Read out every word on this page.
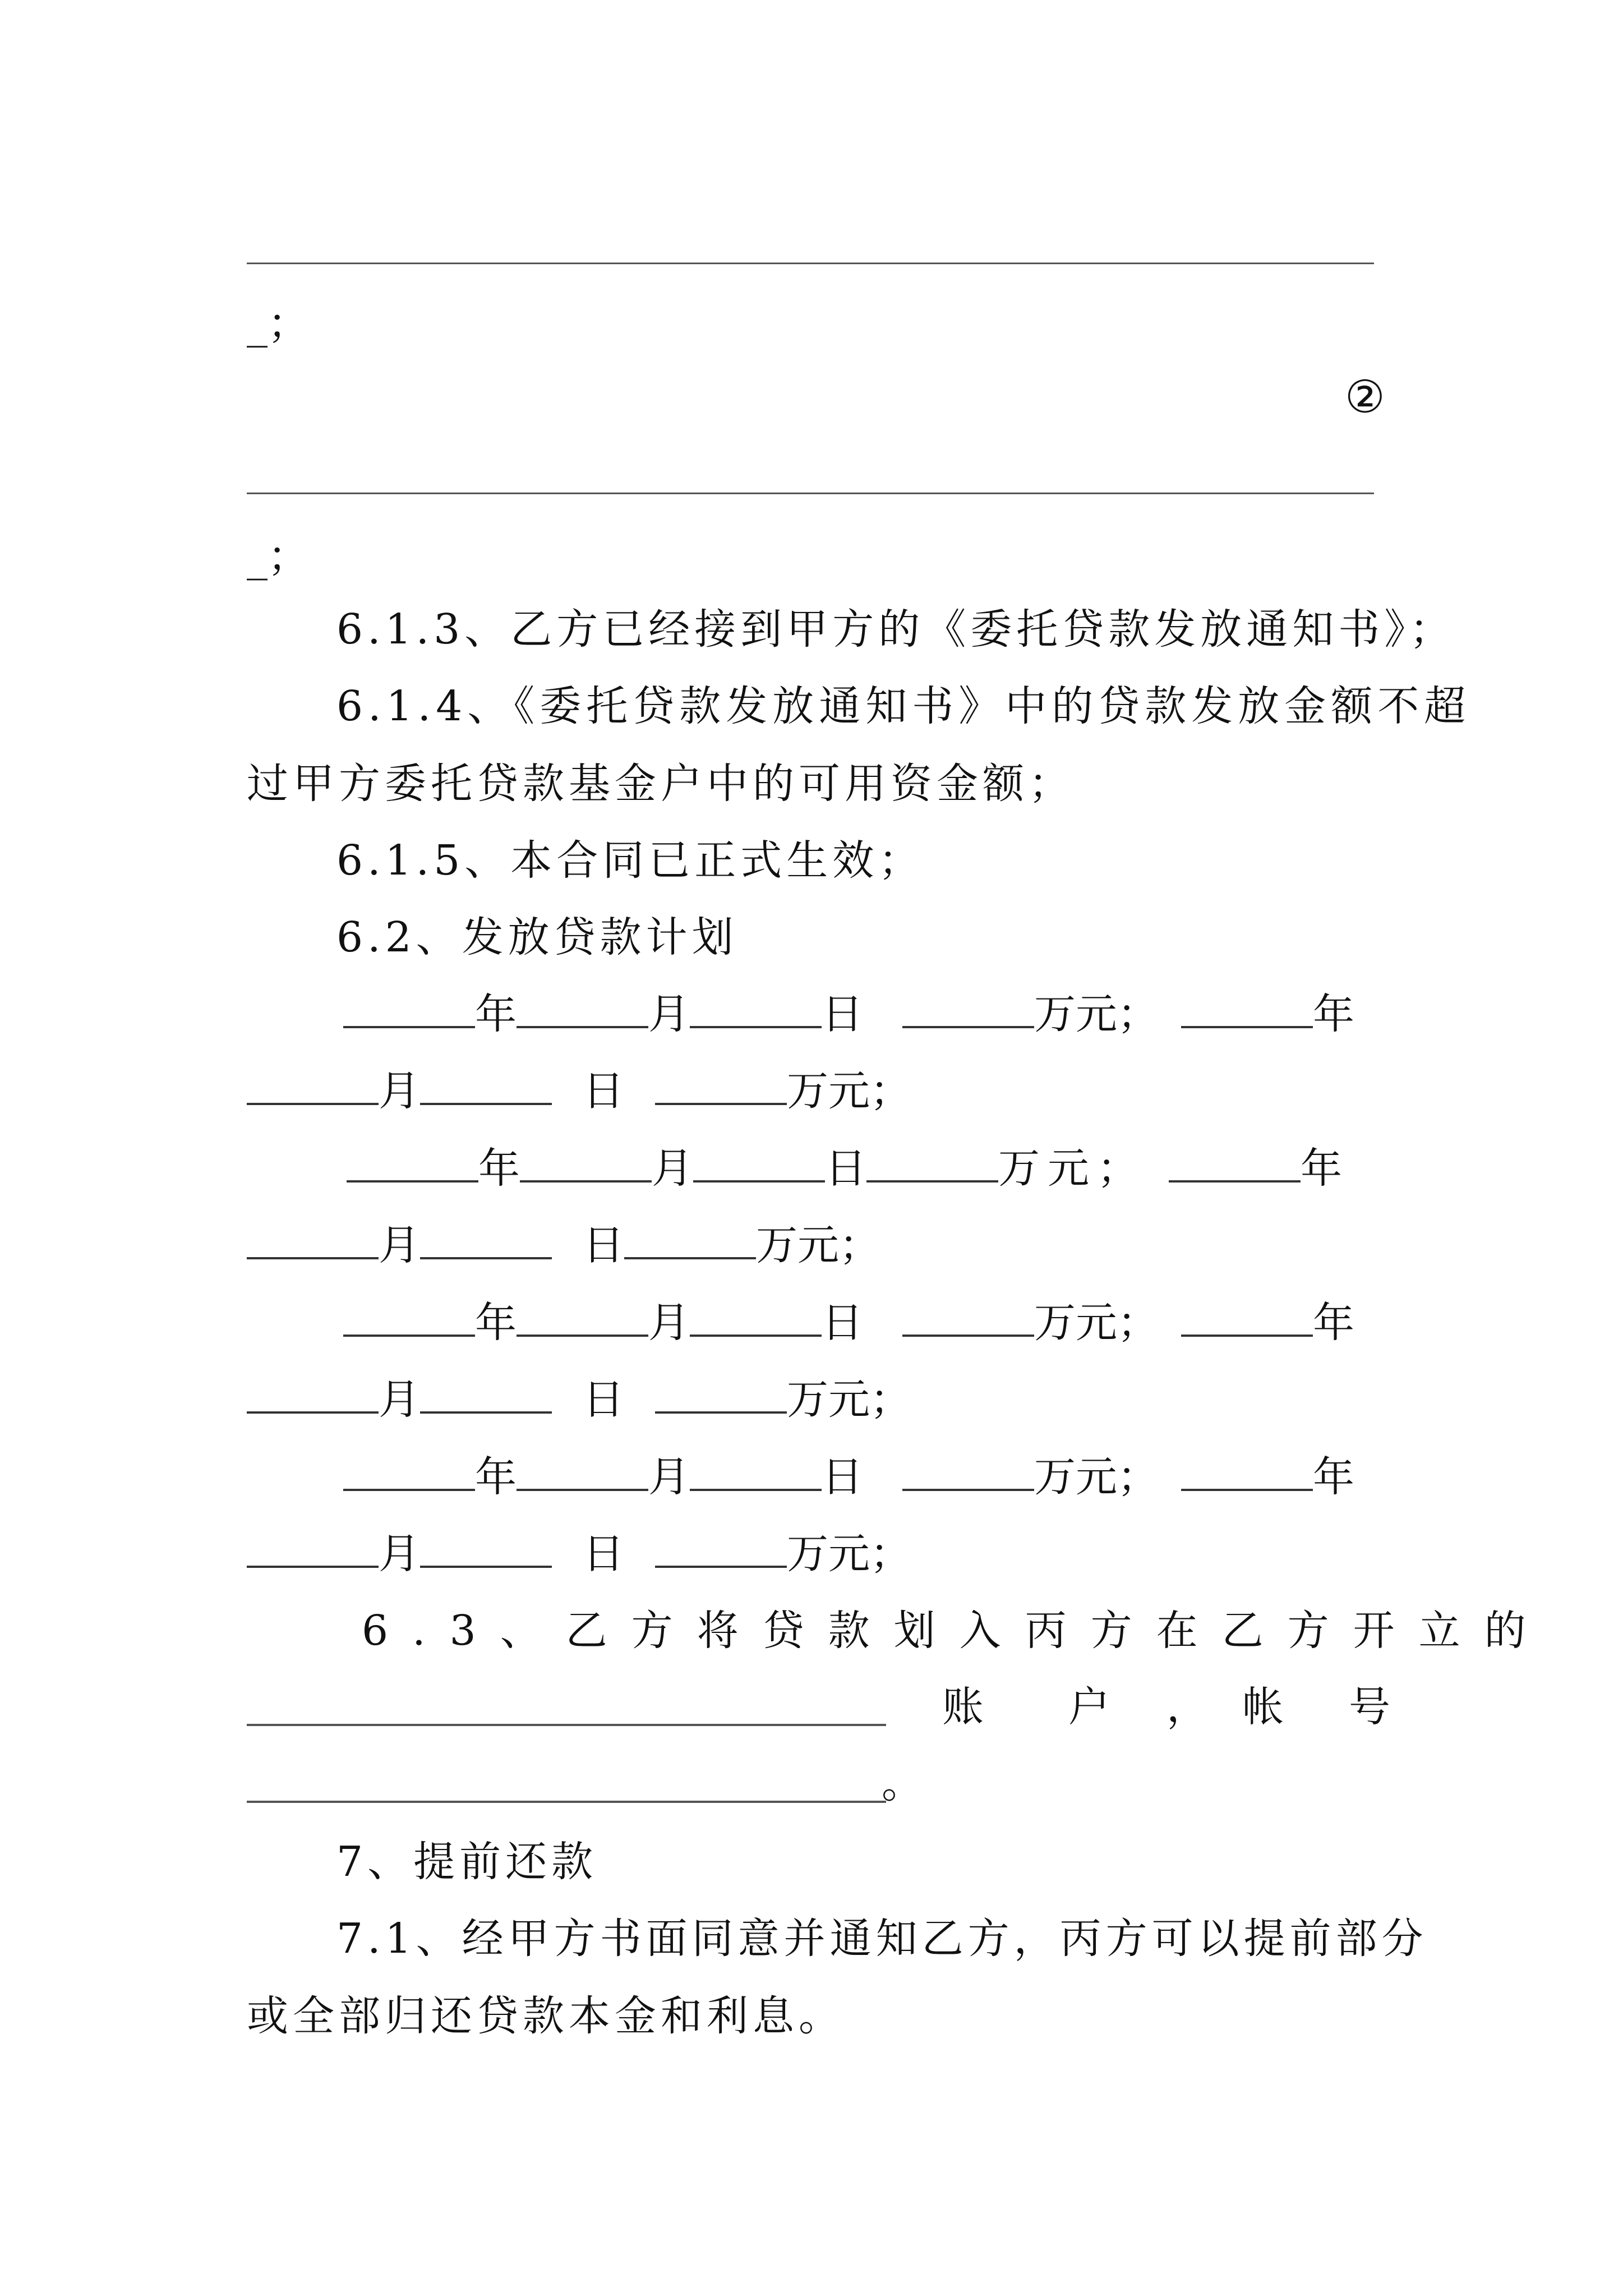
_；
②
_；
6.1.3、乙方已经接到甲方的《委托贷款发放通知书》；
6.1.4、《委托贷款发放通知书》中的贷款发放金额不超
过甲方委托贷款基金户中的可用资金额；
6.1.5、本合同已正式生效；
6.2、发放贷款计划
年	月	日	万元；	年
月	日	万元；
年	月	日	万元；	年
月	日	万元；
年	月	日	万元；	年
月	日	万元；
年	月	日	万元；	年
月	日	万元；
6.3、乙方将贷款划入丙方在乙方开立的
账 户 ， 帐 号
。
7、提前还款
7.1、经甲方书面同意并通知乙方，丙方可以提前部分
或全部归还贷款本金和利息。
